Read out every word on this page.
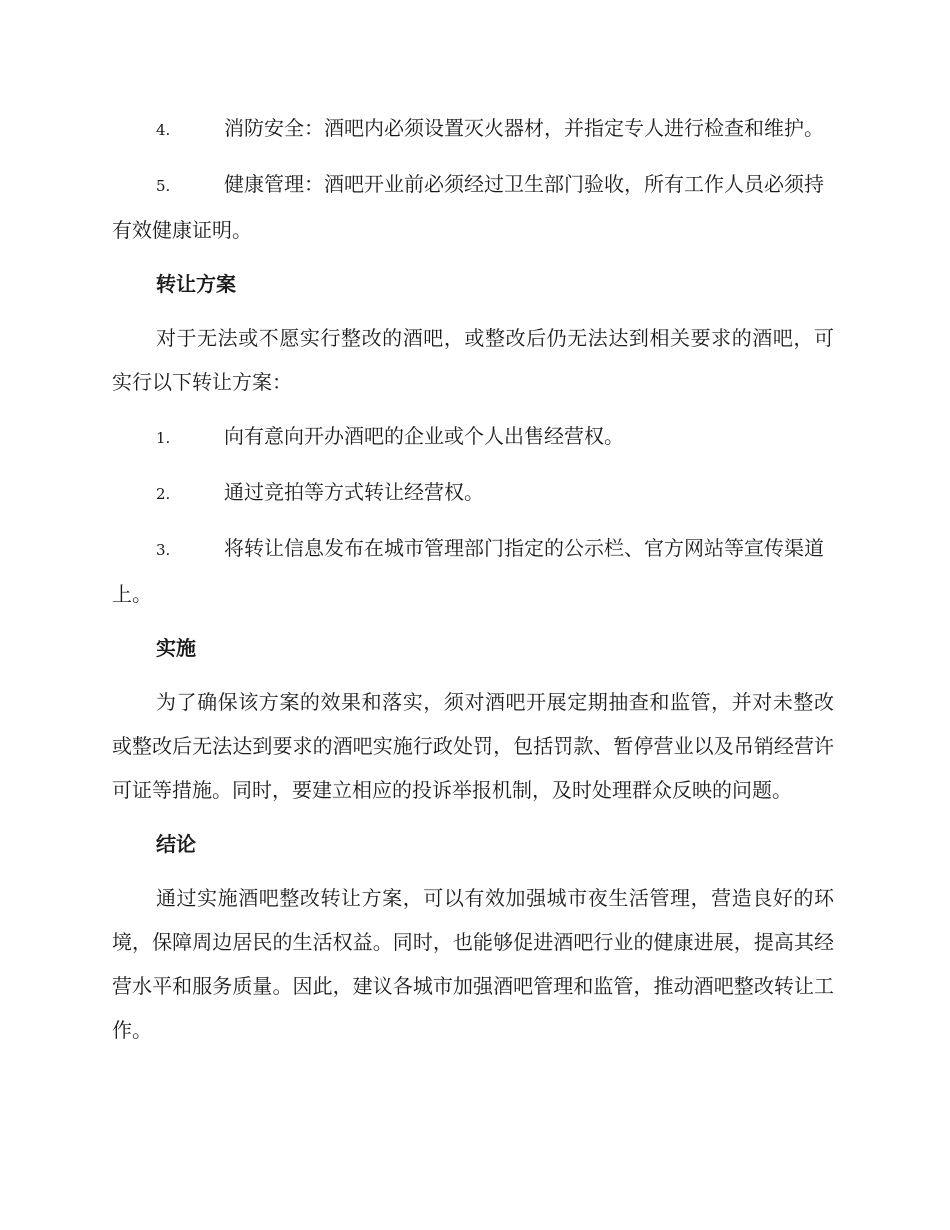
4.	消防安全：酒吧内必须设置灭火器材，并指定专人进行检查和维护。
5.	健康管理：酒吧开业前必须经过卫生部门验收，所有工作人员必须持有效健康证明。
转让方案
对于无法或不愿实行整改的酒吧，或整改后仍无法达到相关要求的酒吧，可实行以下转让方案：
1.	向有意向开办酒吧的企业或个人出售经营权。
2.	通过竞拍等方式转让经营权。
3.	将转让信息发布在城市管理部门指定的公示栏、官方网站等宣传渠道上。
实施
为了确保该方案的效果和落实，须对酒吧开展定期抽查和监管，并对未整改或整改后无法达到要求的酒吧实施行政处罚，包括罚款、暂停营业以及吊销经营许可证等措施。同时，要建立相应的投诉举报机制，及时处理群众反映的问题。
结论
通过实施酒吧整改转让方案，可以有效加强城市夜生活管理，营造良好的环境，保障周边居民的生活权益。同时，也能够促进酒吧行业的健康进展，提高其经营水平和服务质量。因此，建议各城市加强酒吧管理和监管，推动酒吧整改转让工作。
